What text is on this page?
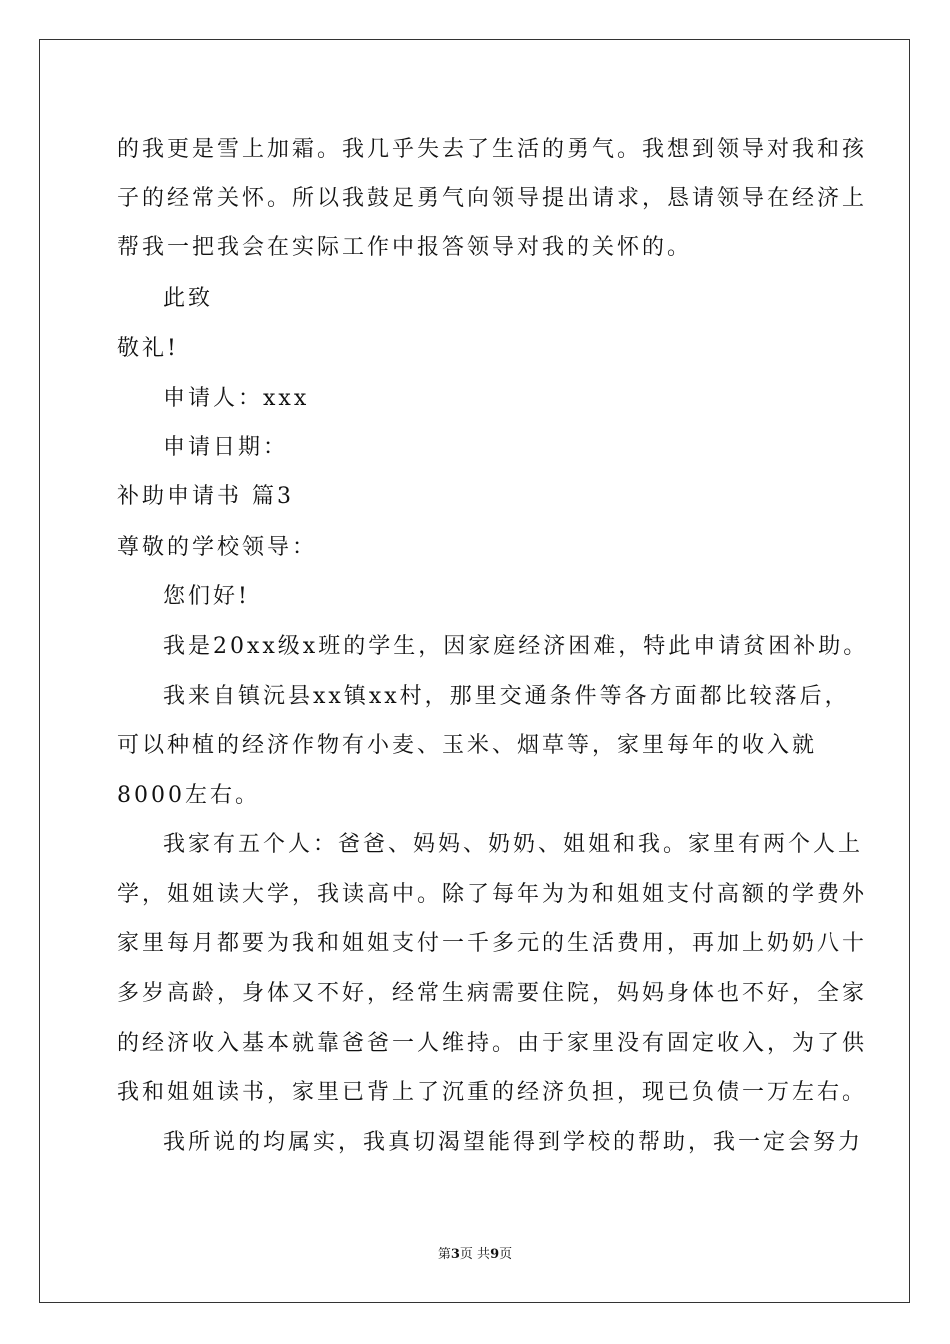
的我更是雪上加霜。我几乎失去了生活的勇气。我想到领导对我和孩
子的经常关怀。所以我鼓足勇气向领导提出请求，恳请领导在经济上
帮我一把我会在实际工作中报答领导对我的关怀的。
此致
敬礼!
申请人：xxx
申请日期：
补助申请书 篇3
尊敬的学校领导：
您们好!
我是20xx级x班的学生，因家庭经济困难，特此申请贫困补助。
我来自镇沅县xx镇xx村，那里交通条件等各方面都比较落后，
可以种植的经济作物有小麦、玉米、烟草等，家里每年的收入就
8000左右。
我家有五个人：爸爸、妈妈、奶奶、姐姐和我。家里有两个人上
学，姐姐读大学，我读高中。除了每年为为和姐姐支付高额的学费外
家里每月都要为我和姐姐支付一千多元的生活费用，再加上奶奶八十
多岁高龄，身体又不好，经常生病需要住院，妈妈身体也不好，全家
的经济收入基本就靠爸爸一人维持。由于家里没有固定收入，为了供
我和姐姐读书，家里已背上了沉重的经济负担，现已负债一万左右。
我所说的均属实，我真切渴望能得到学校的帮助，我一定会努力
第3页 共9页
